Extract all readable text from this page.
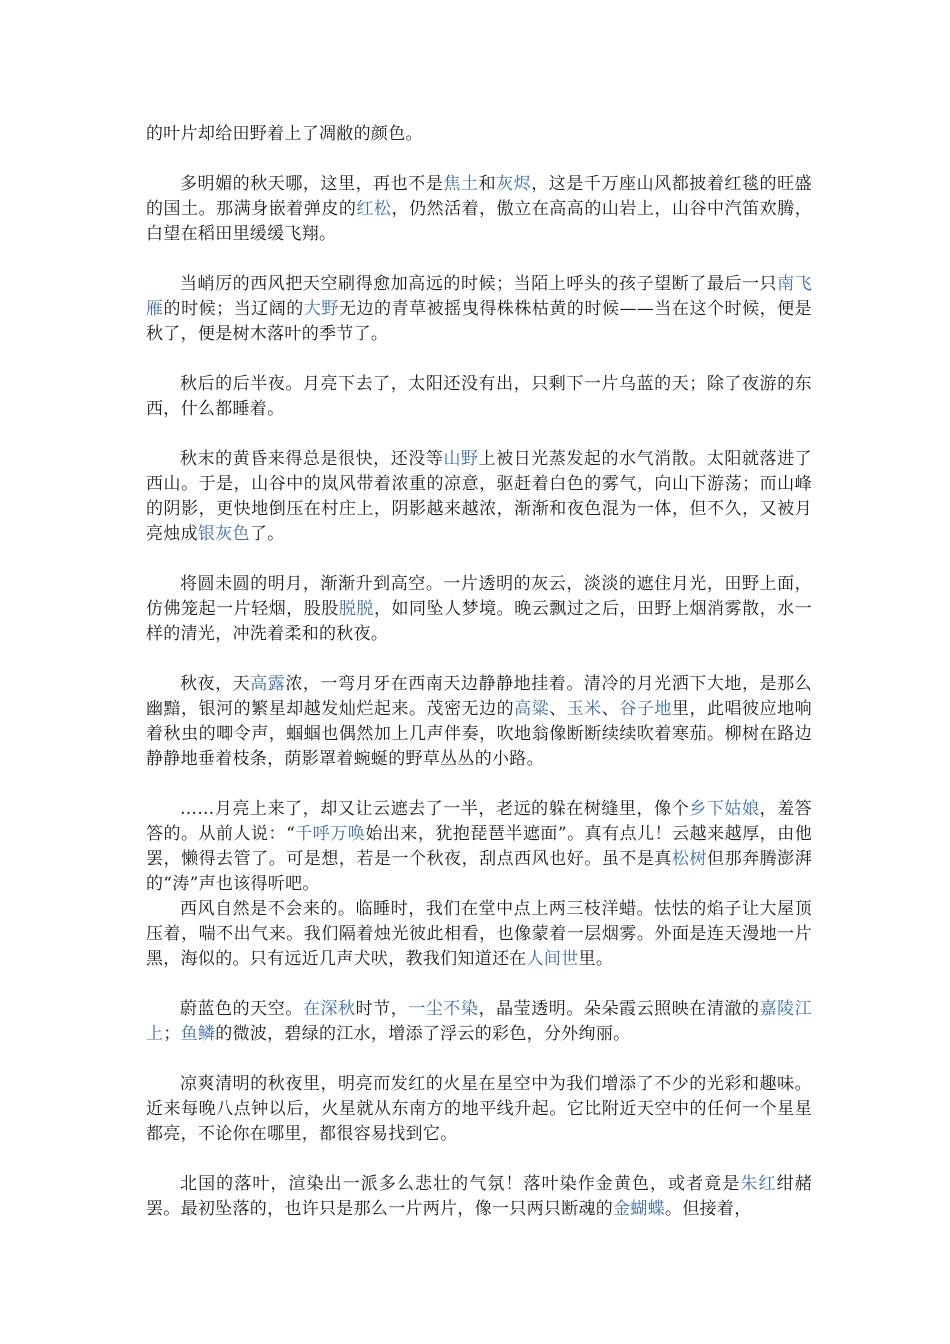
的叶片却给田野着上了凋敝的颜色。

多明媚的秋天哪，这里，再也不是焦土和灰烬，这是千万座山风都披着红毯的旺盛的国土。那满身嵌着弹皮的红松，仍然活着，傲立在高高的山岩上，山谷中汽笛欢腾，白望在稻田里缓缓飞翔。

当峭厉的西风把天空刷得愈加高远的时候；当陌上呼头的孩子望断了最后一只南飞雁的时候；当辽阔的大野无边的青草被摇曳得株株枯黄的时候——当在这个时候，便是秋了，便是树木落叶的季节了。

秋后的后半夜。月亮下去了，太阳还没有出，只剩下一片乌蓝的天；除了夜游的东西，什么都睡着。

秋末的黄昏来得总是很快，还没等山野上被日光蒸发起的水气消散。太阳就落进了西山。于是，山谷中的岚风带着浓重的凉意，驱赶着白色的雾气，向山下游荡；而山峰的阴影，更快地倒压在村庄上，阴影越来越浓，渐渐和夜色混为一体，但不久，又被月亮烛成银灰色了。

将圆未圆的明月，渐渐升到高空。一片透明的灰云，淡淡的遮住月光，田野上面，仿佛笼起一片轻烟，股股脱脱，如同坠人梦境。晚云飘过之后，田野上烟消雾散，水一样的清光，冲洗着柔和的秋夜。

秋夜，天高露浓，一弯月牙在西南天边静静地挂着。清冷的月光洒下大地，是那么幽黯，银河的繁星却越发灿烂起来。茂密无边的高粱、玉米、谷子地里，此唱彼应地响着秋虫的唧令声，蝈蝈也偶然加上几声伴奏，吹地翁像断断续续吹着寒茄。柳树在路边静静地垂着枝条，荫影罩着蜿蜒的野草丛丛的小路。

……月亮上来了，却又让云遮去了一半，老远的躲在树缝里，像个乡下姑娘，羞答答的。从前人说：“千呼万唤始出来，犹抱琵琶半遮面”。真有点儿！云越来越厚，由他罢，懒得去管了。可是想，若是一个秋夜，刮点西风也好。虽不是真松树但那奔腾澎湃的“涛”声也该得听吧。

西风自然是不会来的。临睡时，我们在堂中点上两三枝洋蜡。怯怯的焰子让大屋顶压着，喘不出气来。我们隔着烛光彼此相看，也像蒙着一层烟雾。外面是连天漫地一片黑，海似的。只有远近几声犬吠，教我们知道还在人间世里。

蔚蓝色的天空。在深秋时节，一尘不染，晶莹透明。朵朵霞云照映在清澈的嘉陵江上；鱼鳞的微波，碧绿的江水，增添了浮云的彩色，分外绚丽。

凉爽清明的秋夜里，明亮而发红的火星在星空中为我们增添了不少的光彩和趣味。近来每晚八点钟以后，火星就从东南方的地平线升起。它比附近天空中的任何一个星星都亮，不论你在哪里，都很容易找到它。

北国的落叶，渲染出一派多么悲壮的气氛！落叶染作金黄色，或者竟是朱红绀赭罢。最初坠落的，也许只是那么一片两片，像一只两只断魂的金蝴蝶。但接着，
